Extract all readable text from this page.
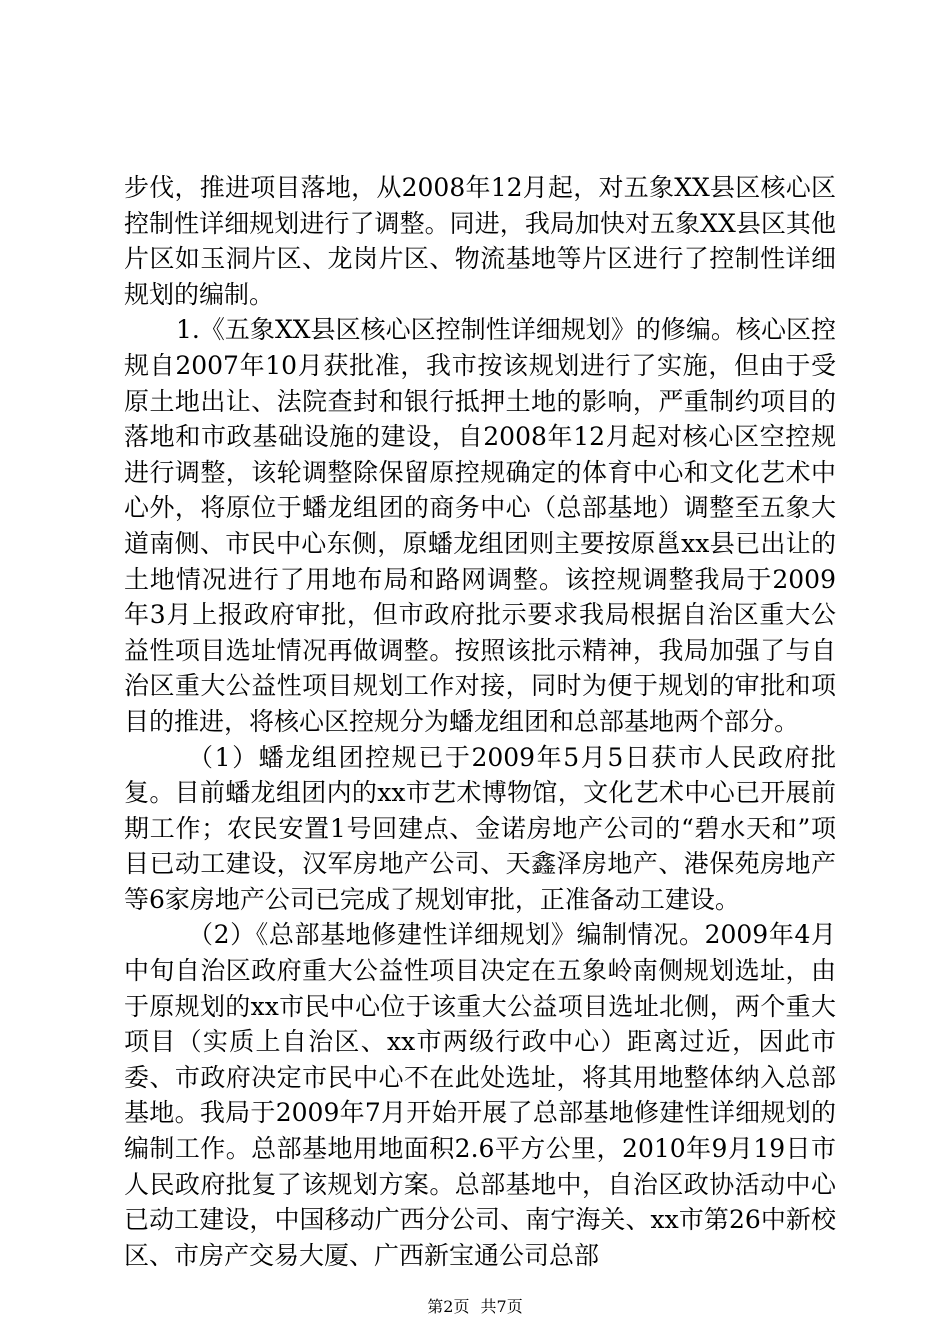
步伐，推进项目落地，从2008年12月起，对五象XX县区核心区控制性详细规划进行了调整。同进，我局加快对五象XX县区其他片区如玉洞片区、龙岗片区、物流基地等片区进行了控制性详细规划的编制。

1.《五象XX县区核心区控制性详细规划》的修编。核心区控规自2007年10月获批准，我市按该规划进行了实施，但由于受原土地出让、法院查封和银行抵押土地的影响，严重制约项目的落地和市政基础设施的建设，自2008年12月起对核心区空控规进行调整，该轮调整除保留原控规确定的体育中心和文化艺术中心外，将原位于蟠龙组团的商务中心（总部基地）调整至五象大道南侧、市民中心东侧，原蟠龙组团则主要按原邕xx县已出让的土地情况进行了用地布局和路网调整。该控规调整我局于2009年3月上报政府审批，但市政府批示要求我局根据自治区重大公益性项目选址情况再做调整。按照该批示精神，我局加强了与自治区重大公益性项目规划工作对接，同时为便于规划的审批和项目的推进，将核心区控规分为蟠龙组团和总部基地两个部分。

（1）蟠龙组团控规已于2009年5月5日获市人民政府批复。目前蟠龙组团内的xx市艺术博物馆，文化艺术中心已开展前期工作；农民安置1号回建点、金诺房地产公司的“碧水天和”项目已动工建设，汉军房地产公司、天鑫泽房地产、港保苑房地产等6家房地产公司已完成了规划审批，正准备动工建设。

（2）《总部基地修建性详细规划》编制情况。2009年4月中旬自治区政府重大公益性项目决定在五象岭南侧规划选址，由于原规划的xx市民中心位于该重大公益项目选址北侧，两个重大项目（实质上自治区、xx市两级行政中心）距离过近，因此市委、市政府决定市民中心不在此处选址，将其用地整体纳入总部基地。我局于2009年7月开始开展了总部基地修建性详细规划的编制工作。总部基地用地面积2.6平方公里，2010年9月19日市人民政府批复了该规划方案。总部基地中，自治区政协活动中心已动工建设，中国移动广西分公司、南宁海关、xx市第26中新校区、市房产交易大厦、广西新宝通公司总部

第2页 共7页
